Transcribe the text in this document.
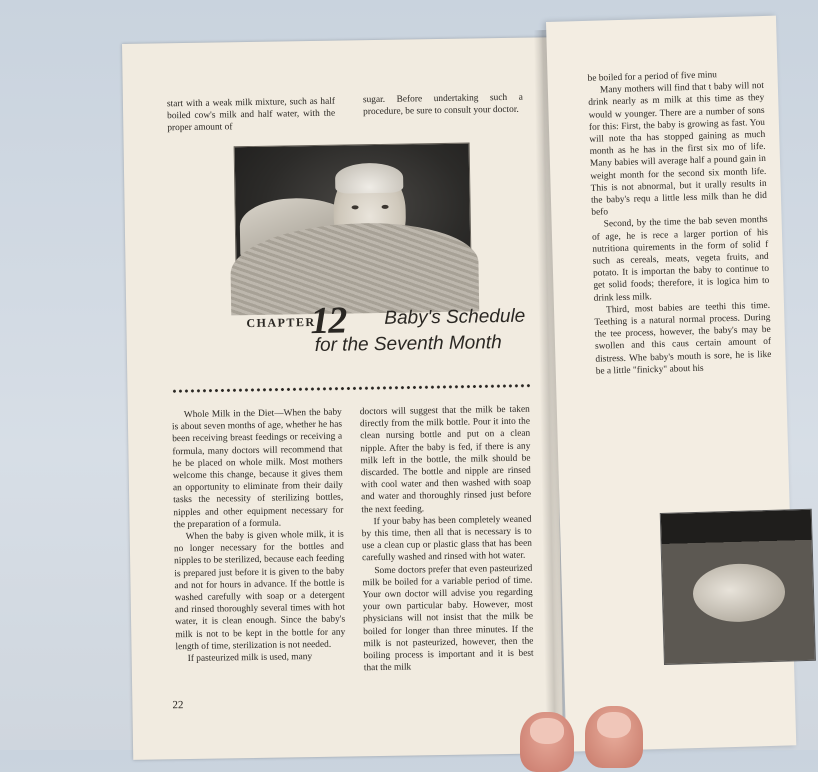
start with a weak milk mixture, such as half boiled cow's milk and half water, with the proper amount of

sugar. Before undertaking such a procedure, be sure to consult your doctor.

CHAPTER
12 Baby's Schedule
for the Seventh Month

Whole Milk in the Diet—When the baby is about seven months of age, whether he has been receiving breast feedings or receiving a formula, many doctors will recommend that he be placed on whole milk. Most mothers welcome this change, because it gives them an opportunity to eliminate from their daily tasks the necessity of sterilizing bottles, nipples and other equipment necessary for the preparation of a formula.

When the baby is given whole milk, it is no longer necessary for the bottles and nipples to be sterilized, because each feeding is prepared just before it is given to the baby and not for hours in advance. If the bottle is washed carefully with soap or a detergent and rinsed thoroughly several times with hot water, it is clean enough. Since the baby's milk is not to be kept in the bottle for any length of time, sterilization is not needed.

If pasteurized milk is used, many

doctors will suggest that the milk be taken directly from the milk bottle. Pour it into the clean nursing bottle and put on a clean nipple. After the baby is fed, if there is any milk left in the bottle, the milk should be discarded. The bottle and nipple are rinsed with cool water and then washed with soap and water and thoroughly rinsed just before the next feeding.

If your baby has been completely weaned by this time, then all that is necessary is to use a clean cup or plastic glass that has been carefully washed and rinsed with hot water.

Some doctors prefer that even pasteurized milk be boiled for a variable period of time. Your own doctor will advise you regarding your own particular baby. However, most physicians will not insist that the milk be boiled for longer than three minutes. If the milk is not pasteurized, however, then the boiling process is important and it is best that the milk

22

be boiled for a period of five minu

Many mothers will find that t baby will not drink nearly as m milk at this time as they would w younger. There are a number of sons for this: First, the baby is growing as fast. You will note tha has stopped gaining as much month as he has in the first six mo of life. Many babies will average half a pound gain in weight month for the second six month life. This is not abnormal, but it urally results in the baby's requ a little less milk than he did befo

Second, by the time the bab seven months of age, he is rece a larger portion of his nutritiona quirements in the form of solid f such as cereals, meats, vegeta fruits, and potato. It is importan the baby to continue to get solid foods; therefore, it is logica him to drink less milk.

Third, most babies are teethi this time. Teething is a natural normal process. During the tee process, however, the baby's may be swollen and this caus certain amount of distress. Whe baby's mouth is sore, he is like be a little "finicky" about his
